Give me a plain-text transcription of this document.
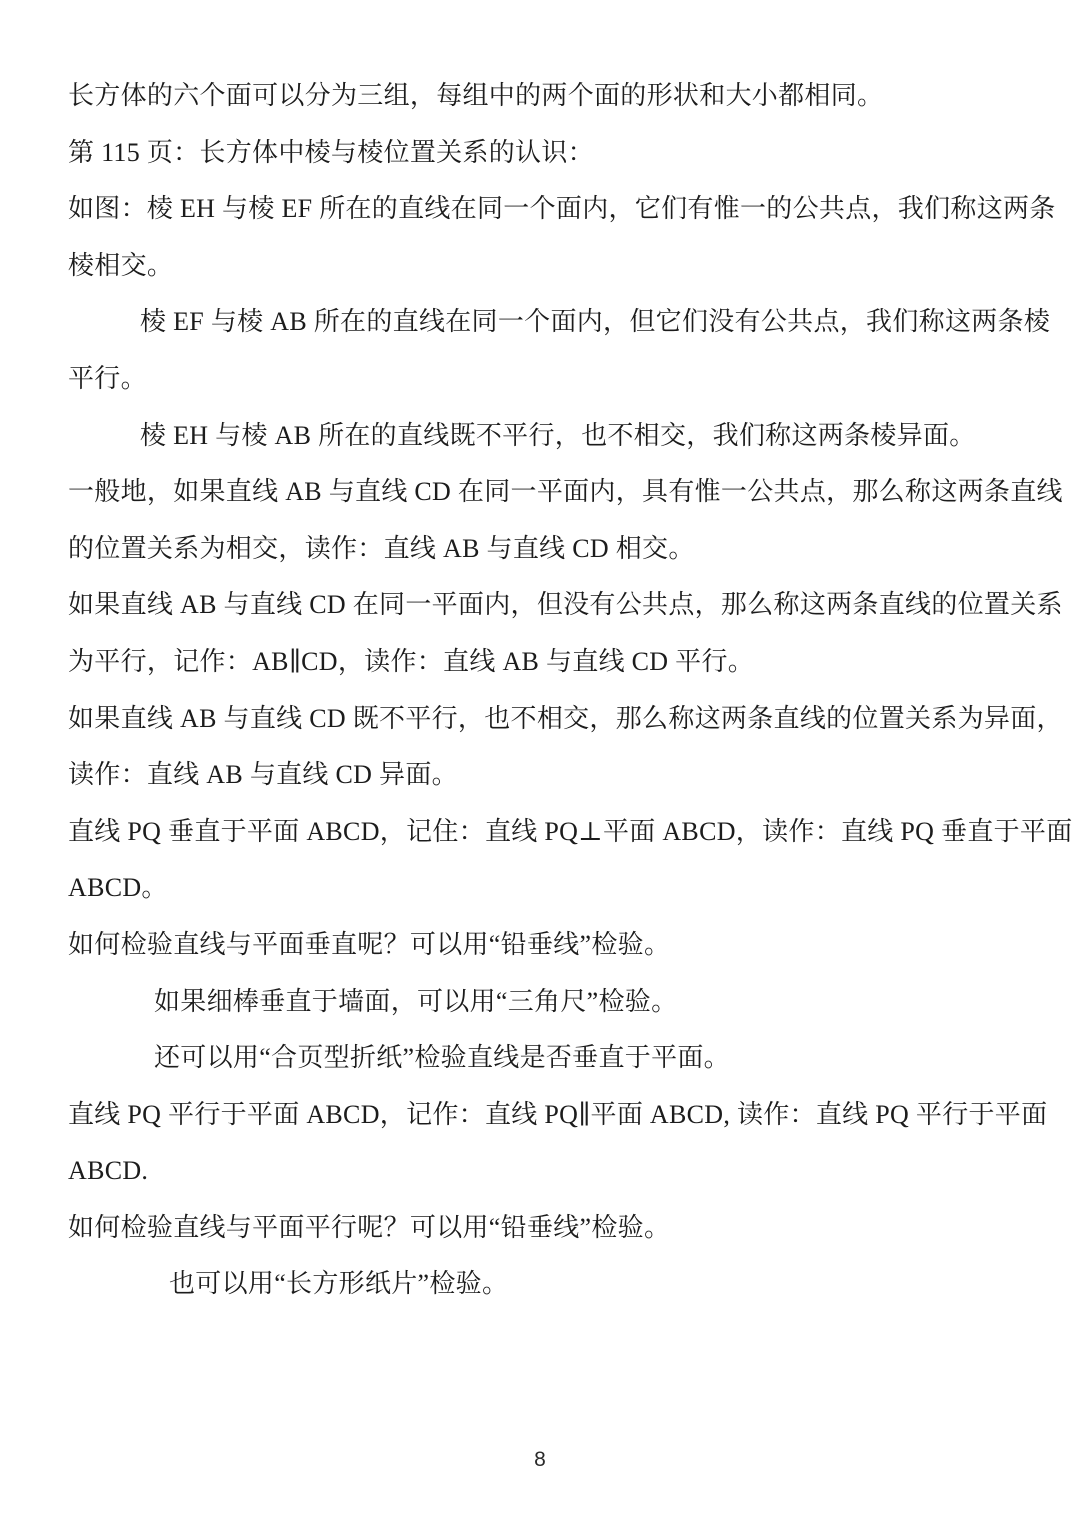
长方体的六个面可以分为三组，每组中的两个面的形状和大小都相同。
第 115 页：长方体中棱与棱位置关系的认识：
如图：棱 EH 与棱 EF 所在的直线在同一个面内，它们有惟一的公共点，我们称这两条
棱相交。
棱 EF 与棱 AB 所在的直线在同一个面内，但它们没有公共点，我们称这两条棱
平行。
棱 EH 与棱 AB 所在的直线既不平行，也不相交，我们称这两条棱异面。
一般地，如果直线 AB 与直线 CD 在同一平面内，具有惟一公共点，那么称这两条直线
的位置关系为相交，读作：直线 AB 与直线 CD 相交。
如果直线 AB 与直线 CD 在同一平面内，但没有公共点，那么称这两条直线的位置关系
为平行，记作：AB∥CD，读作：直线 AB 与直线 CD 平行。
如果直线 AB 与直线 CD 既不平行，也不相交，那么称这两条直线的位置关系为异面，
读作：直线 AB 与直线 CD 异面。
直线 PQ 垂直于平面 ABCD，记住：直线 PQ⊥平面 ABCD，读作：直线 PQ 垂直于平面
ABCD。
如何检验直线与平面垂直呢？可以用“铅垂线”检验。
如果细棒垂直于墙面，可以用“三角尺”检验。
还可以用“合页型折纸”检验直线是否垂直于平面。
直线 PQ 平行于平面 ABCD，记作：直线 PQ∥平面 ABCD, 读作：直线 PQ 平行于平面
ABCD.
如何检验直线与平面平行呢？可以用“铅垂线”检验。
也可以用“长方形纸片”检验。
8
